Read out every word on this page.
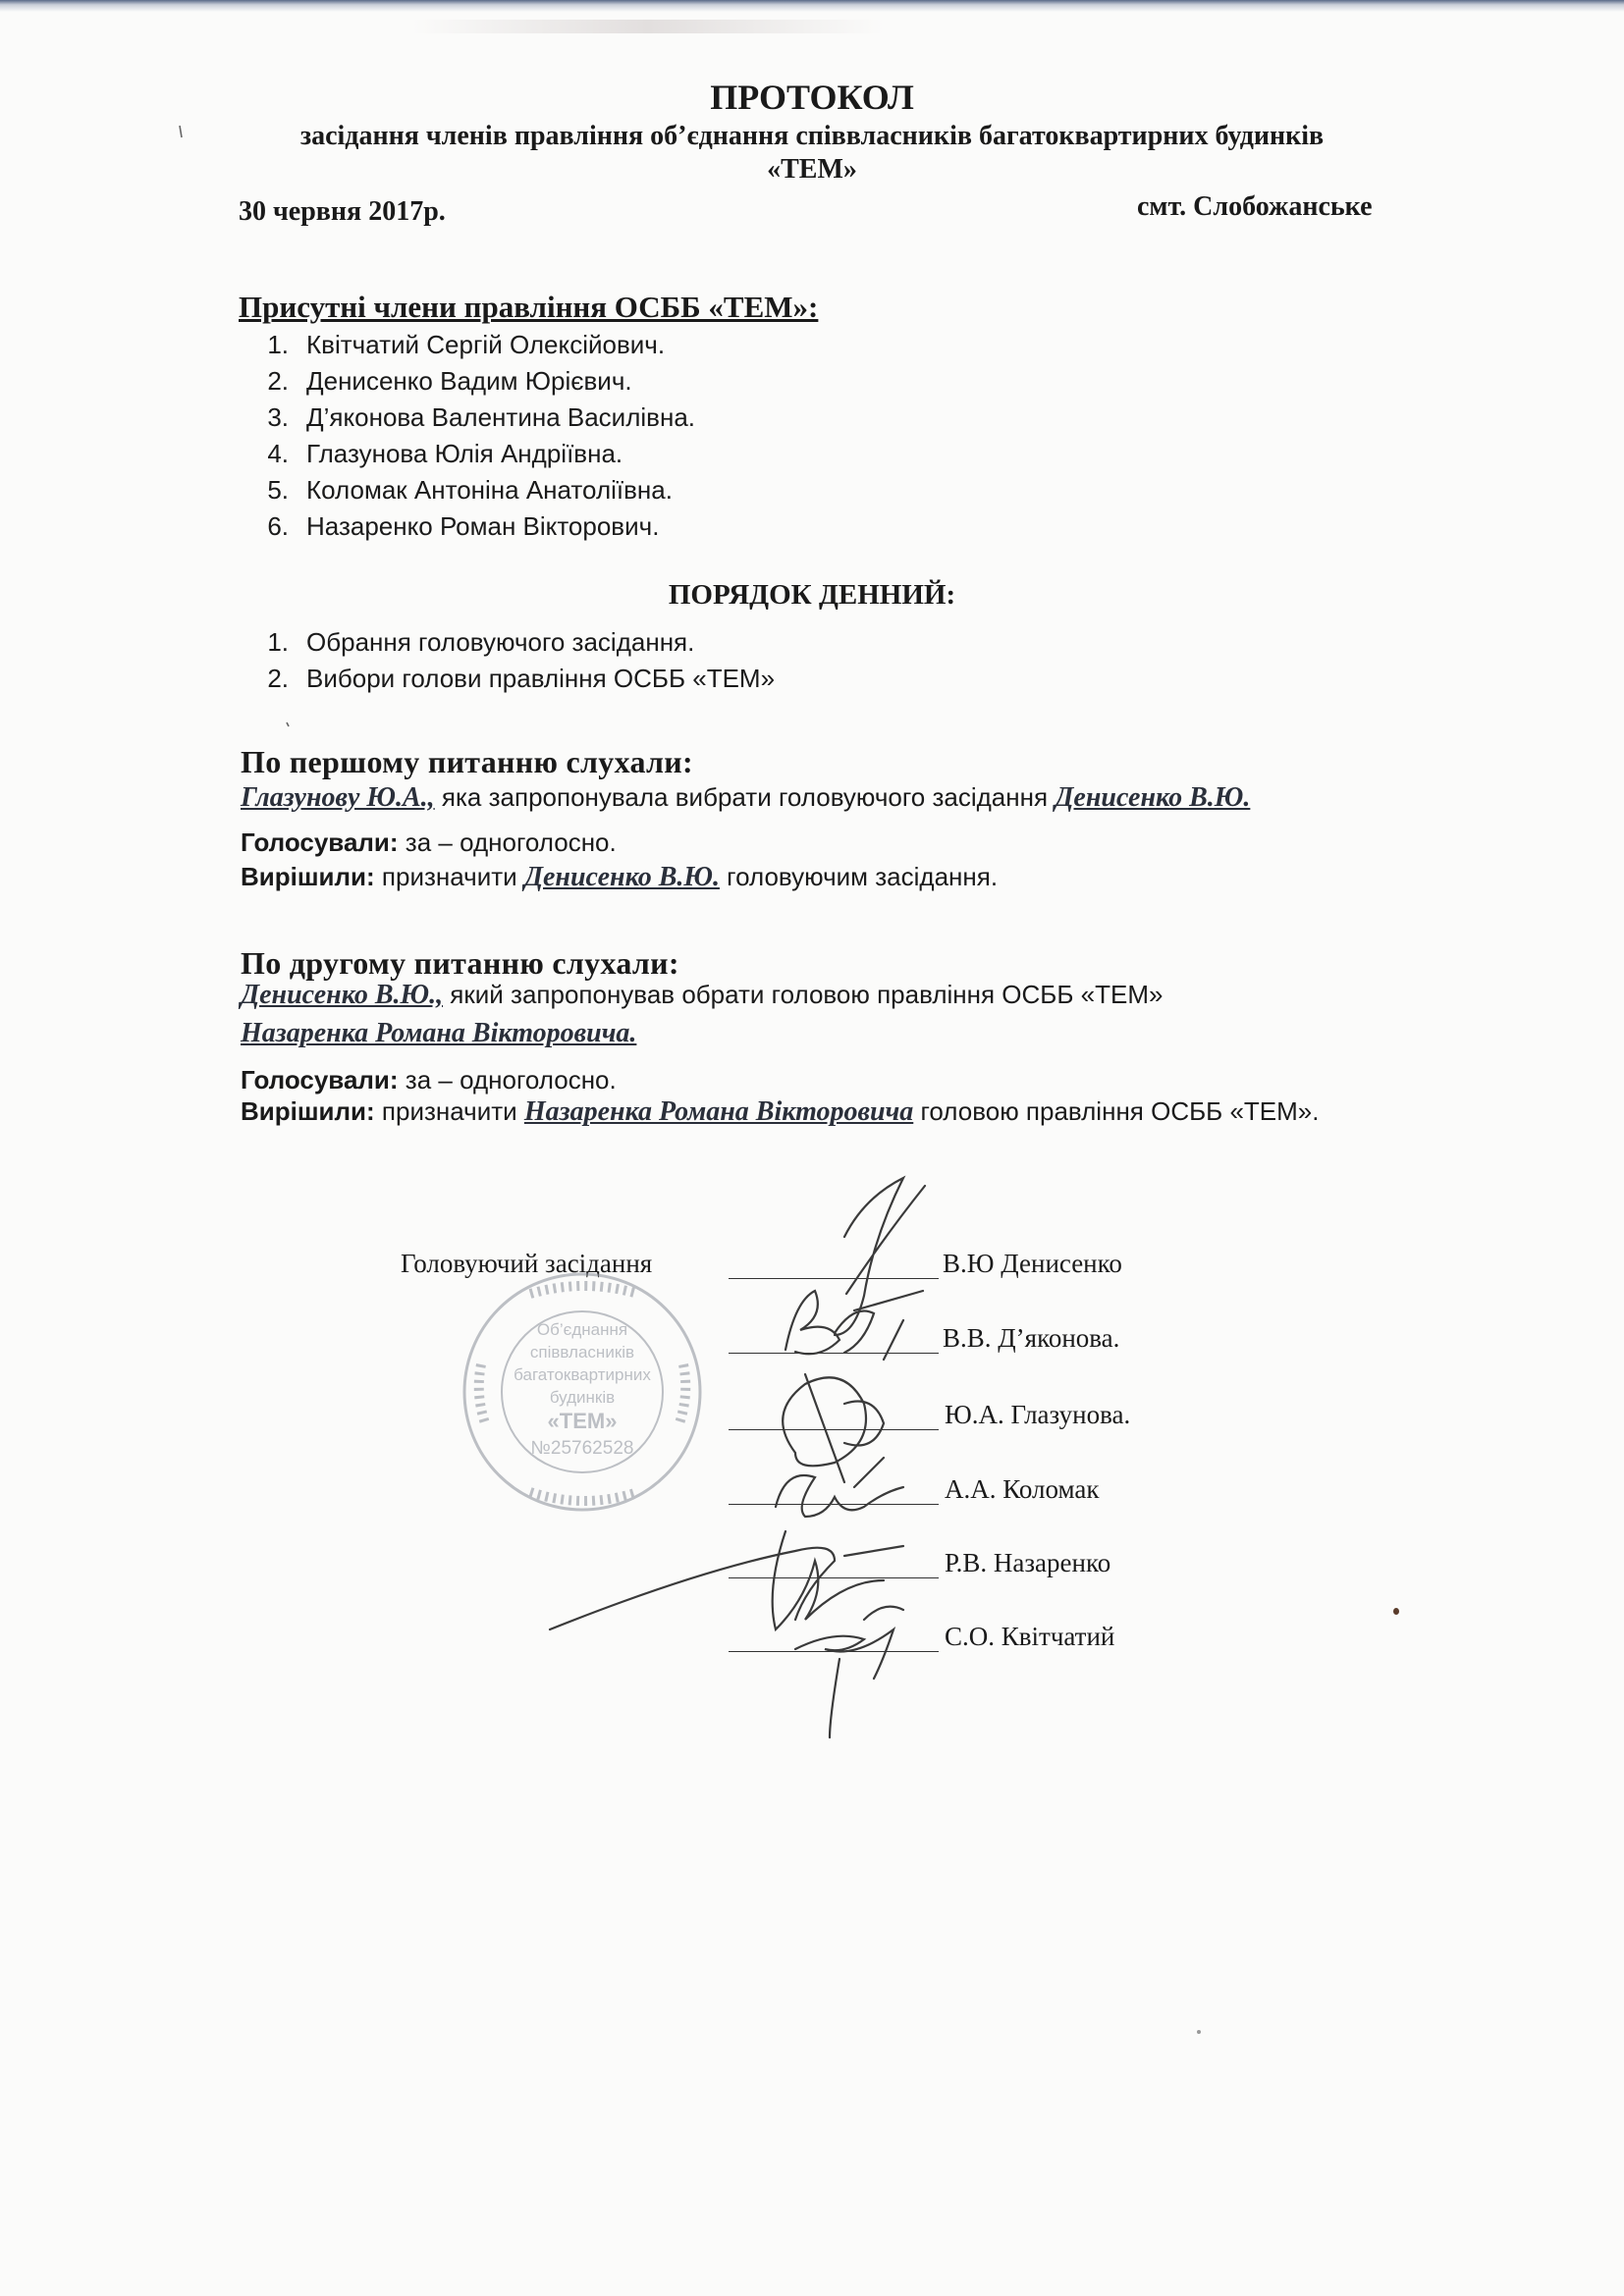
ПРОТОКОЛ
засідання членів правління об’єднання співвласників багатоквартирних будинків
«ТЕМ»
30 червня 2017р.	смт. Слобожанське
Присутні члени правління ОСББ «ТЕМ»:
1. Квітчатий Сергій Олексійович.
2. Денисенко Вадим Юрієвич.
3. Д’яконова Валентина Василівна.
4. Глазунова Юлія Андріївна.
5. Коломак Антоніна Анатоліївна.
6. Назаренко Роман Вікторович.
ПОРЯДОК ДЕННИЙ:
1. Обрання головуючого засідання.
2. Вибори голови правління ОСББ «ТЕМ»
По першому питанню слухали:
Глазунову Ю.А., яка запропонувала вибрати головуючого засідання Денисенко В.Ю.
Голосували: за – одноголосно.
Вирішили: призначити Денисенко В.Ю. головуючим засідання.
По другому питанню слухали:
Денисенко В.Ю., який запропонував обрати головою правління ОСББ «ТЕМ»
Назаренка Романа Вікторовича.
Голосували: за – одноголосно.
Вирішили: призначити Назаренка Романа Вікторовича головою правління ОСББ «ТЕМ».
Головуючий засідання	В.Ю Денисенко
В.В. Д’яконова.
Ю.А. Глазунова.
А.А. Коломак
Р.В. Назаренко
С.О. Квітчатий
Об’єднання
співвласників
багатоквартирних
будинків
«ТЕМ»
№25762528
